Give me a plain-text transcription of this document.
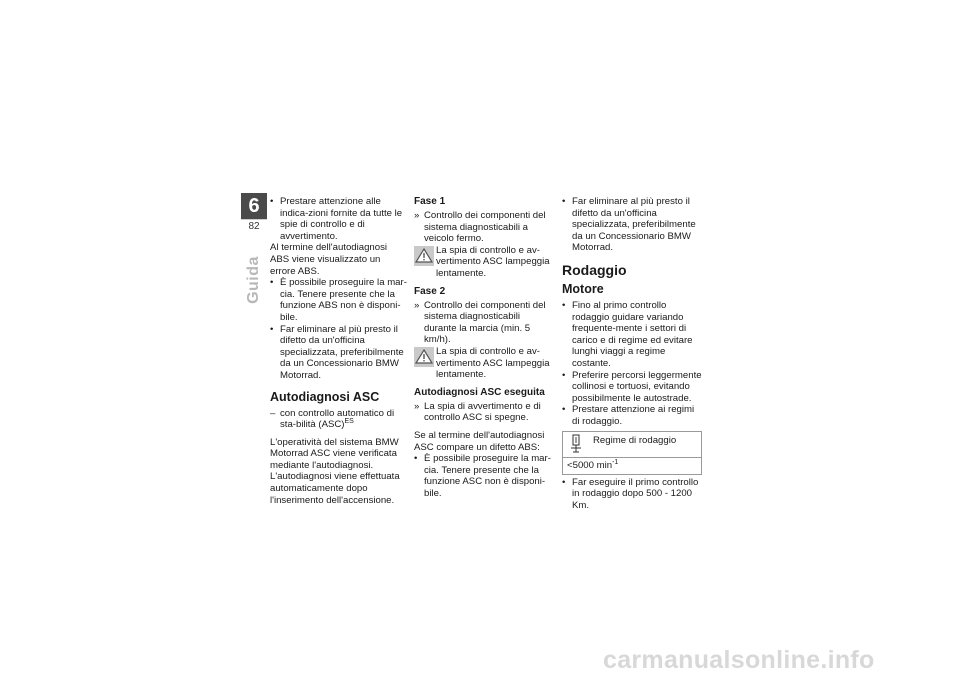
6
82
Guida
• Prestare attenzione alle indica-zioni fornite da tutte le spie di controllo e di avvertimento.

Al termine dell'autodiagnosi ABS viene visualizzato un errore ABS.

• È possibile proseguire la mar-cia. Tenere presente che la funzione ABS non è disponi-bile.
• Far eliminare al più presto il difetto da un'officina specializzata, preferibilmente da un Concessionario BMW Motorrad.
Autodiagnosi ASC
– con controllo automatico di sta-bilità (ASC)$^{ES}$

L'operatività del sistema BMW Motorrad ASC viene verificata mediante l'autodiagnosi. L'autodiagnosi viene effettuata automaticamente dopo l'inserimento dell'accensione.

Fase 1
» Controllo dei componenti del sistema diagnosticabili a veicolo fermo.
La spia di controllo e av-vertimento ASC lampeggia lentamente.
Fase 2
» Controllo dei componenti del sistema diagnosticabili durante la marcia (min. 5 km/h).
La spia di controllo e av-vertimento ASC lampeggia lentamente.
Autodiagnosi ASC eseguita
» La spia di avvertimento e di controllo ASC si spegne.

Se al termine dell'autodiagnosi ASC compare un difetto ABS:

• È possibile proseguire la mar-cia. Tenere presente che la funzione ASC non è disponi-bile.
• Far eliminare al più presto il difetto da un'officina specializzata, preferibilmente da un Concessionario BMW Motorrad.
Rodaggio
Motore
• Fino al primo controllo rodaggio guidare variando frequente-mente i settori di carico e di regime ed evitare lunghi viaggi a regime costante.
• Preferire percorsi leggermente collinosi e tortuosi, evitando possibilmente le autostrade.
• Prestare attenzione ai regimi di rodaggio.
Regime di rodaggio
<5000 $\min^{-1}$
• Far eseguire il primo controllo in rodaggio dopo 500 - 1200 Km.
carmanualsonline.info
